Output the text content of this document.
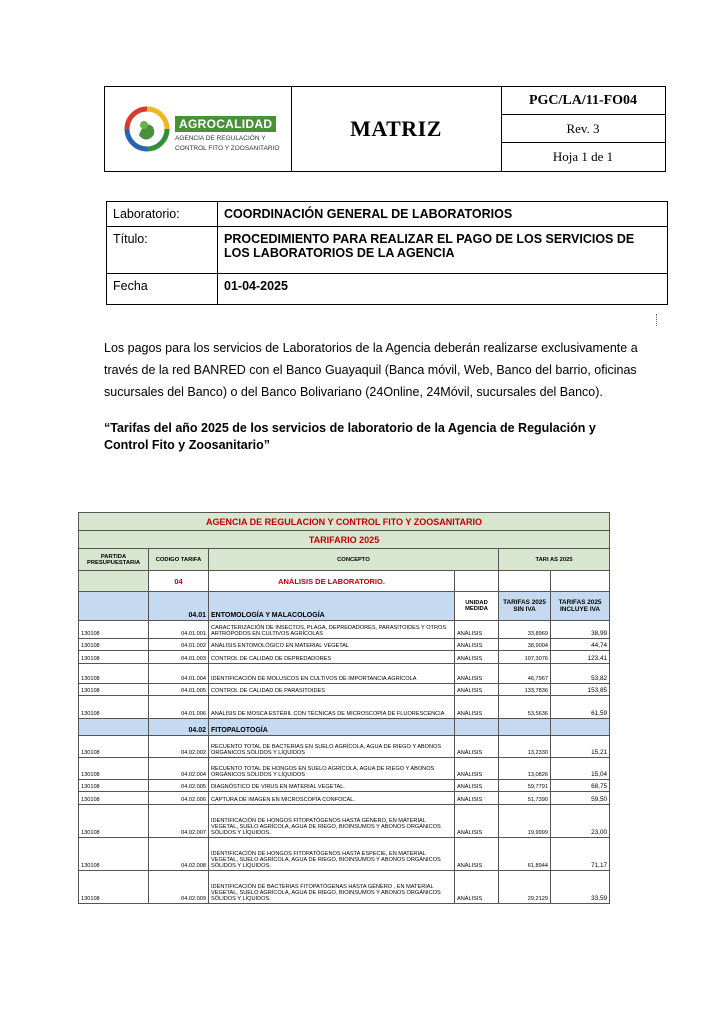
AGROCALIDAD
AGENCIA DE REGULACIÓN Y
CONTROL FITO Y ZOOSANITARIO
MATRIZ
PGC/LA/11-FO04
Rev. 3
Hoja 1 de 1
Laboratorio:	COORDINACIÓN GENERAL DE LABORATORIOS
Título:	PROCEDIMIENTO PARA REALIZAR EL PAGO DE LOS SERVICIOS DE LOS LABORATORIOS DE LA AGENCIA
Fecha	01-04-2025
Los pagos para los servicios de Laboratorios de la Agencia deberán realizarse exclusivamente a través de la red BANRED con el Banco Guayaquil (Banca móvil, Web, Banco del barrio, oficinas sucursales del Banco) o del Banco Bolivariano (24Online, 24Móvil, sucursales del Banco).
“Tarifas del año 2025 de los servicios de laboratorio de la Agencia de Regulación y Control Fito y Zoosanitario”
AGENCIA DE REGULACION Y CONTROL FITO Y ZOOSANITARIO					
TARIFARIO 2025					
PARTIDA PRESUPUESTARIA	CODIGO TARIFA	CONCEPTO		TARI AS 2025	
	04	ANÁLISIS DE LABORATORIO.			
	04.01	ENTOMOLOGÍA Y MALACOLOGÍA	UNIDAD MEDIDA	TARIFAS 2025 SIN IVA	TARIFAS 2025 INCLUYE IVA
130108	04.01.001	CARACTERIZACIÓN DE INSECTOS, PLAGA, DEPREDADORES, PARASITOIDES Y OTROS ARTRÓPODOS EN CULTIVOS AGRÍCOLAS	ANÁLISIS	33,8969	38,99
130108	04.01.002	ANÁLISIS ENTOMOLÓGICO EN MATERIAL VEGETAL	ANÁLISIS	38,9004	44,74
130108	04.01.003	CONTROL DE CALIDAD DE DEPREDADORES	ANÁLISIS	107,3076	123,41
130108	04.01.004	IDENTIFICACIÓN DE MOLUSCOS EN CULTIVOS DE IMPORTANCIA AGRÍCOLA	ANÁLISIS	46,7967	53,82
130108	04.01.005	CONTROL DE CALIDAD DE PARASITOIDES	ANÁLISIS	133,7836	153,85
130108	04.01.006	ANÁLISIS DE MOSCA ESTÉRIL CON TÉCNICAS DE MICROSCOPÍA DE FLUORESCENCIA	ANÁLISIS	53,5636	61,59
	04.02	FITOPALOTOGÍA			
130108	04.02.002	RECUENTO TOTAL DE BACTERIAS EN SUELO AGRÍCOLA, AGUA DE RIEGO Y ABONOS ORGÁNICOS SÓLIDOS Y LÍQUIDOS	ANÁLISIS	13,2330	15,21
130108	04.02.004	RECUENTO TOTAL DE HONGOS EN SUELO AGRÍCOLA, AGUA DE RIEGO Y ABONOS ORGÁNICOS SÓLIDOS Y LÍQUIDOS	ANÁLISIS	13,0826	15,04
130108	04.02.005	DIAGNÓSTICO DE VIRUS EN MATERIAL VEGETAL.	ANÁLISIS	59,7791	68,75
130108	04.02.006	CAPTURA DE IMAGEN EN MICROSCOPÍA CONFOCAL.	ANÁLISIS	51,7390	59,50
130108	04.02.007	IDENTIFICACIÓN DE HONGOS FITOPATÓGENOS HASTA GÉNERO, EN MATERIAL VEGETAL, SUELO AGRÍCOLA, AGUA DE RIEGO, BIOINSUMOS Y ABONOS ORGÁNICOS SÓLIDOS Y LÍQUIDOS.	ANÁLISIS	19,9999	23,00
130108	04.02.008	IDENTIFICACIÓN DE HONGOS FITOPATÓGENOS HASTA ESPECIE, EN MATERIAL VEGETAL, SUELO AGRÍCOLA, AGUA DE RIEGO, BIOINSUMOS Y ABONOS ORGÁNICOS SÓLIDOS Y LÍQUIDOS.	ANÁLISIS	61,8944	71,17
130108	04.02.009	IDENTIFICACIÓN DE BACTERIAS FITOPATÓGENAS HASTA GÉNERO , EN MATERIAL VEGETAL, SUELO AGRÍCOLA, AGUA DE RIEGO, BIOINSUMOS Y ABONOS ORGÁNICOS SÓLIDOS Y LÍQUIDOS.	ANÁLISIS	29,2129	33,59
